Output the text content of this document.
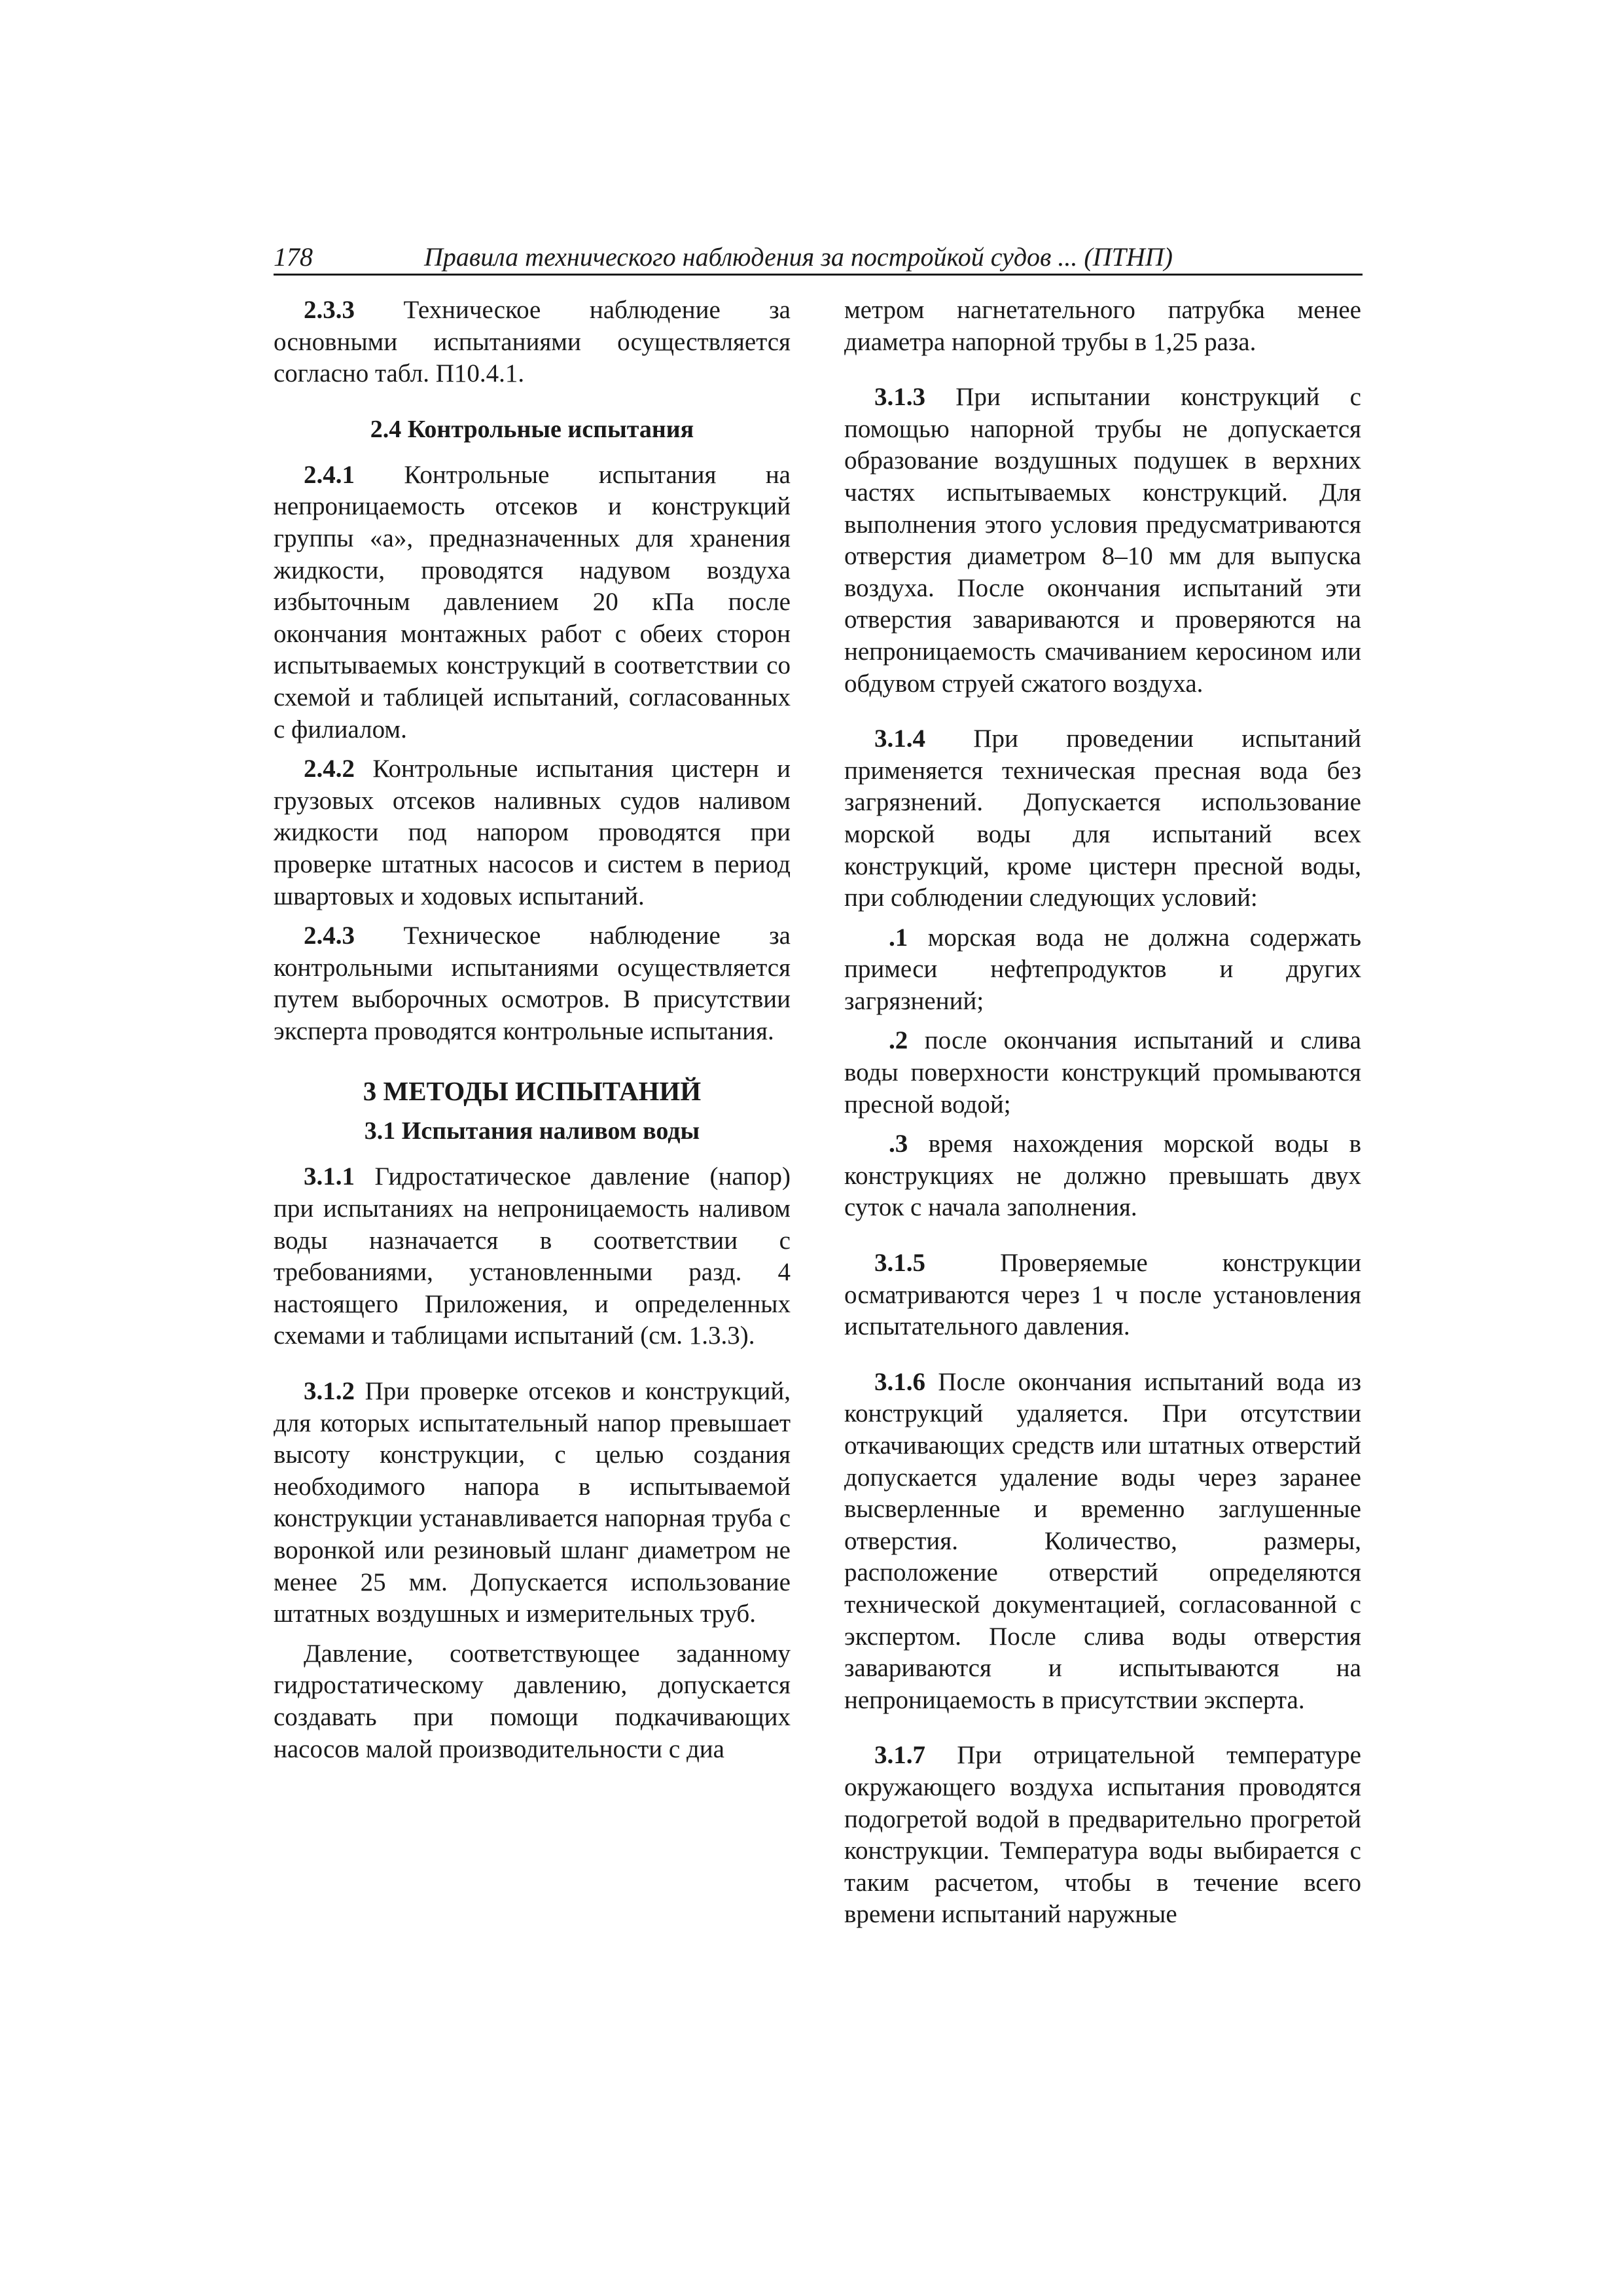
178	Правила технического наблюдения за постройкой судов ... (ПТНП)

2.3.3 Техническое наблюдение за основными испытаниями осуществляется согласно табл. П10.4.1.

2.4 Контрольные испытания

2.4.1 Контрольные испытания на непроницаемость отсеков и конструкций группы «а», предназначенных для хранения жидкости, проводятся надувом воздуха избыточным давлением 20 кПа после окончания монтажных работ с обеих сторон испытываемых конструкций в соответствии со схемой и таблицей испытаний, согласованных с филиалом.

2.4.2 Контрольные испытания цистерн и грузовых отсеков наливных судов наливом жидкости под напором проводятся при проверке штатных насосов и систем в период швартовых и ходовых испытаний.

2.4.3 Техническое наблюдение за контрольными испытаниями осуществляется путем выборочных осмотров. В присутствии эксперта проводятся контрольные испытания.

3 МЕТОДЫ ИСПЫТАНИЙ
3.1 Испытания наливом воды

3.1.1 Гидростатическое давление (напор) при испытаниях на непроницаемость наливом воды назначается в соответствии с требованиями, установленными разд. 4 настоящего Приложения, и определенных схемами и таблицами испытаний (см. 1.3.3).

3.1.2 При проверке отсеков и конструкций, для которых испытательный напор превышает высоту конструкции, с целью создания необходимого напора в испытываемой конструкции устанавливается напорная труба с воронкой или резиновый шланг диаметром не менее 25 мм. Допускается использование штатных воздушных и измерительных труб.

Давление, соответствующее заданному гидростатическому давлению, допускается создавать при помощи подкачивающих насосов малой производительности с диа

метром нагнетательного патрубка менее диаметра напорной трубы в 1,25 раза.

3.1.3 При испытании конструкций с помощью напорной трубы не допускается образование воздушных подушек в верхних частях испытываемых конструкций. Для выполнения этого условия предусматриваются отверстия диаметром 8–10 мм для выпуска воздуха. После окончания испытаний эти отверстия завариваются и проверяются на непроницаемость смачиванием керосином или обдувом струей сжатого воздуха.

3.1.4 При проведении испытаний применяется техническая пресная вода без загрязнений. Допускается использование морской воды для испытаний всех конструкций, кроме цистерн пресной воды, при соблюдении следующих условий:

.1 морская вода не должна содержать примеси нефтепродуктов и других загрязнений;

.2 после окончания испытаний и слива воды поверхности конструкций промываются пресной водой;

.3 время нахождения морской воды в конструкциях не должно превышать двух суток с начала заполнения.

3.1.5 Проверяемые конструкции осматриваются через 1 ч после установления испытательного давления.

3.1.6 После окончания испытаний вода из конструкций удаляется. При отсутствии откачивающих средств или штатных отверстий допускается удаление воды через заранее высверленные и временно заглушенные отверстия. Количество, размеры, расположение отверстий определяются технической документацией, согласованной с экспертом. После слива воды отверстия завариваются и испытываются на непроницаемость в присутствии эксперта.

3.1.7 При отрицательной температуре окружающего воздуха испытания проводятся подогретой водой в предварительно прогретой конструкции. Температура воды выбирается с таким расчетом, чтобы в течение всего времени испытаний наружные
